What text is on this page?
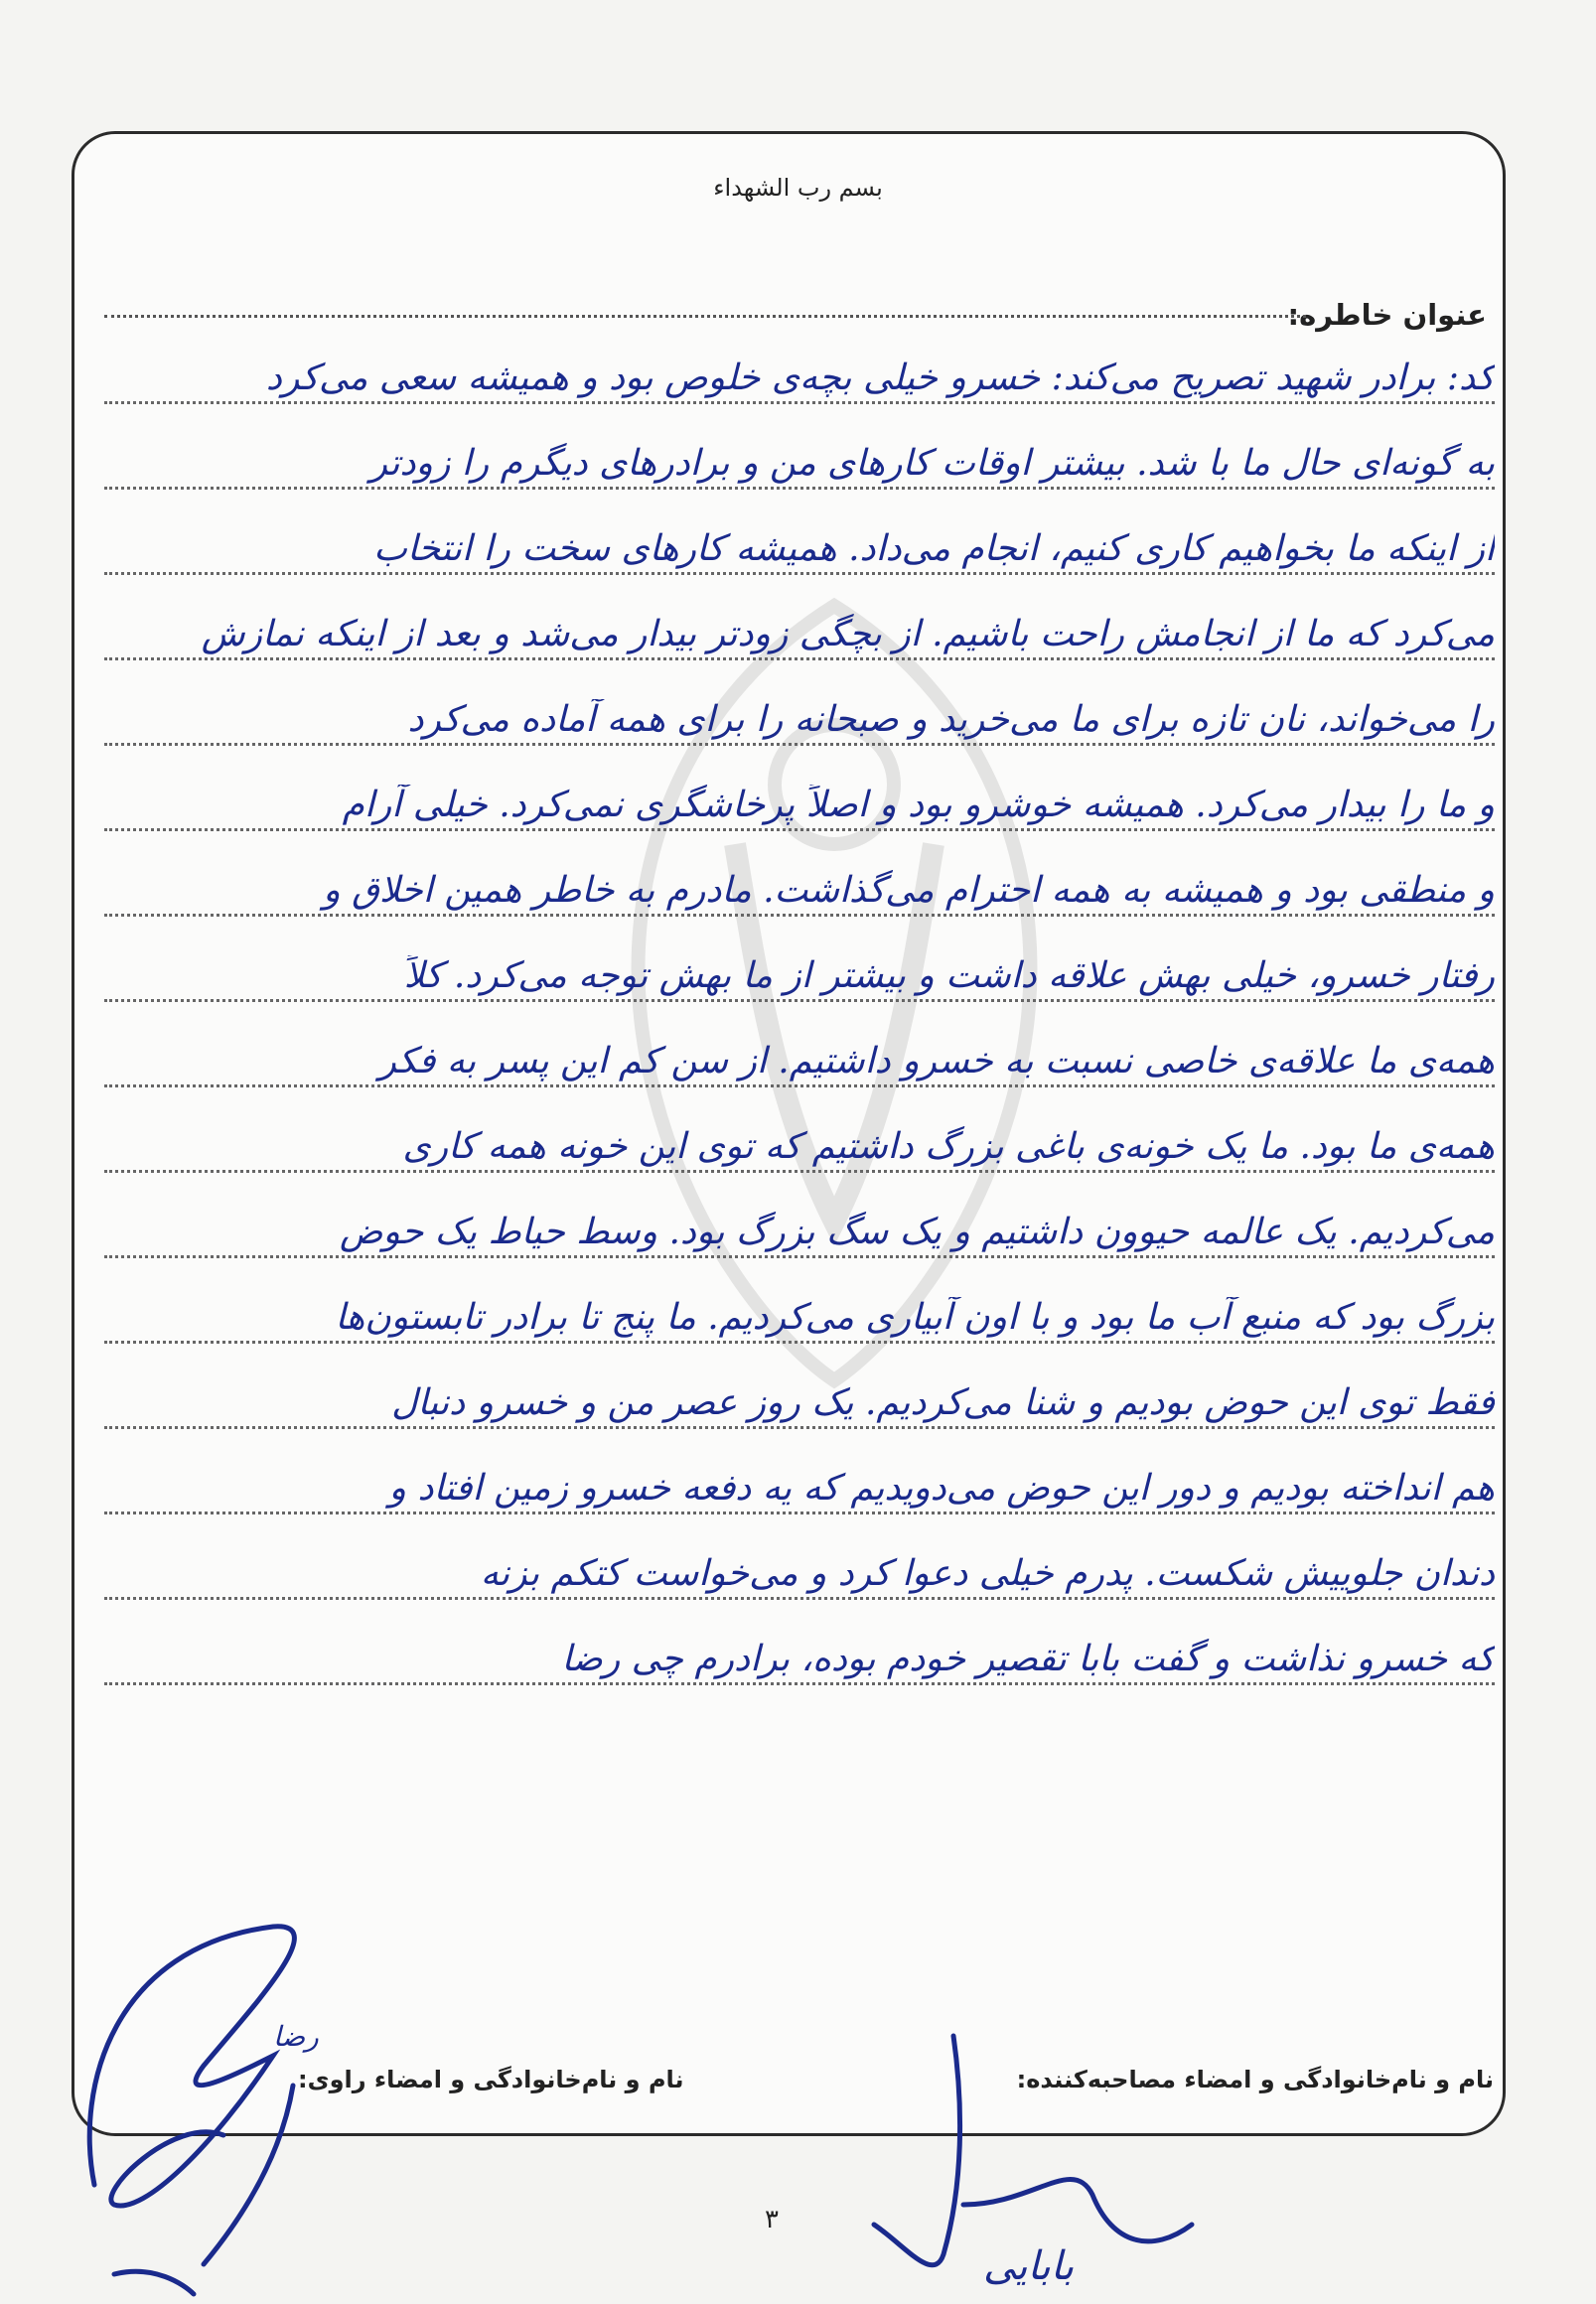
بسم رب الشهداء
عنوان خاطره:
کد: برادر شهید تصریح می‌کند: خسرو خیلی بچه‌ی خلوص بود و همیشه سعی می‌کرد
به گونه‌ای حال ما با شد. بیشتر اوقات کارهای من و برادرهای دیگرم را زودتر
از اینکه ما بخواهیم کاری کنیم، انجام می‌داد. همیشه کارهای سخت را انتخاب
می‌کرد که ما از انجامش راحت باشیم. از بچگی زودتر بیدار می‌شد و بعد از اینکه نمازش
را می‌خواند، نان تازه برای ما می‌خرید و صبحانه را برای همه آماده می‌کرد
و ما را بیدار می‌کرد. همیشه خوشرو بود و اصلاً پرخاشگری نمی‌کرد. خیلی آرام
و منطقی بود و همیشه به همه احترام می‌گذاشت. مادرم به خاطر همین اخلاق و
رفتار خسرو، خیلی بهش علاقه داشت و بیشتر از ما بهش توجه می‌کرد. کلاً
همه‌ی ما علاقه‌ی خاصی نسبت به خسرو داشتیم. از سن کم این پسر به فکر
همه‌ی ما بود. ما یک خونه‌ی باغی بزرگ داشتیم که توی این خونه همه کاری
می‌کردیم. یک عالمه حیوون داشتیم و یک سگ بزرگ بود. وسط حیاط یک حوض
بزرگ بود که منبع آب ما بود و با اون آبیاری می‌کردیم. ما پنج تا برادر تابستون‌ها
فقط توی این حوض بودیم و شنا می‌کردیم. یک روز عصر من و خسرو دنبال
هم انداخته بودیم و دور این حوض می‌دویدیم که یه دفعه خسرو زمین افتاد و
دندان جلوییش شکست. پدرم خیلی دعوا کرد و می‌خواست کتکم بزنه
که خسرو نذاشت و گفت بابا تقصیر خودم بوده، برادرم چی رضا
نام و نام‌خانوادگی و امضاء مصاحبه‌کننده:
نام و نام‌خانوادگی و امضاء راوی:
رضا
بابایی
۳
